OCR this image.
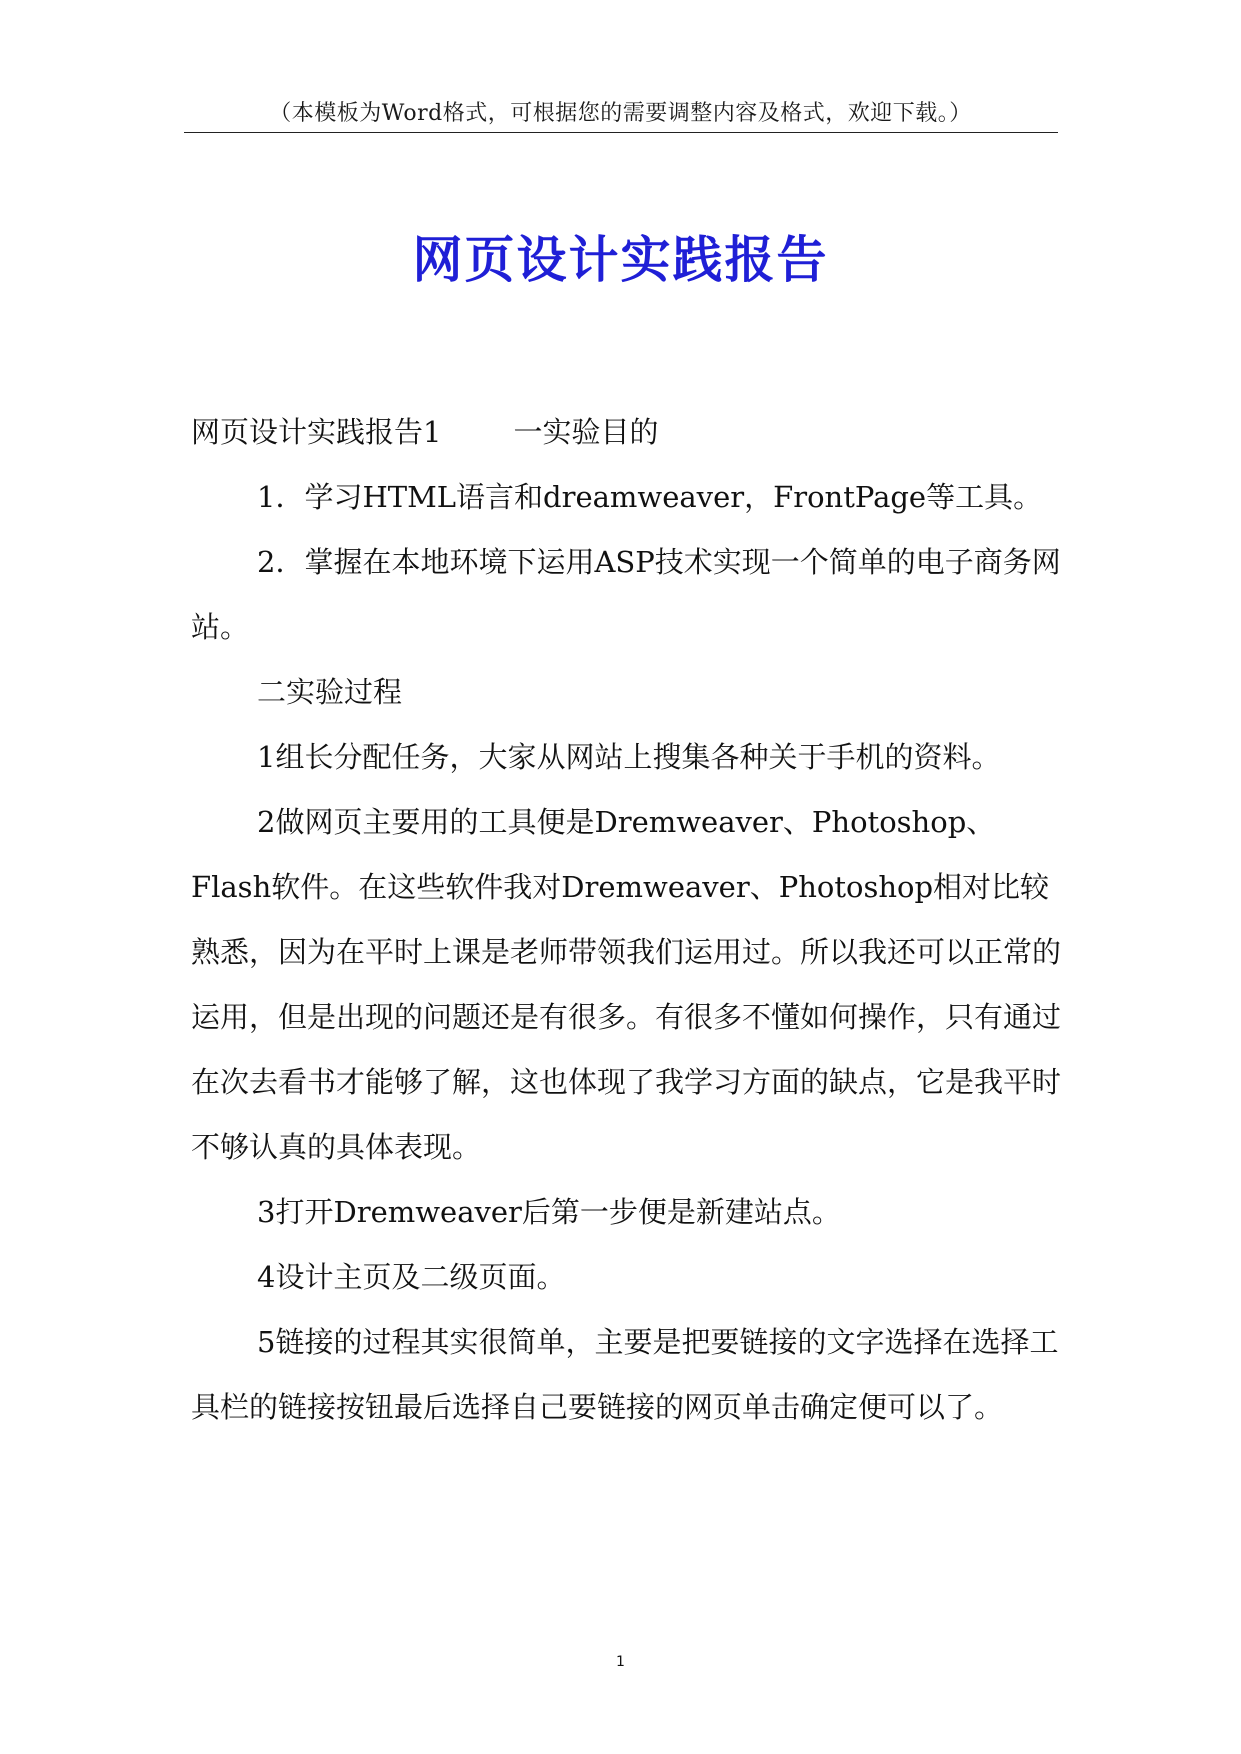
（本模板为Word格式，可根据您的需要调整内容及格式，欢迎下载。）
网页设计实践报告

网页设计实践报告1 一实验目的

1．学习HTML语言和dreamweaver，FrontPage等工具。

2．掌握在本地环境下运用ASP技术实现一个简单的电子商务网站。

二实验过程

1组长分配任务，大家从网站上搜集各种关于手机的资料。

2做网页主要用的工具便是Dremweaver、Photoshop、Flash软件。在这些软件我对Dremweaver、Photoshop相对比较熟悉，因为在平时上课是老师带领我们运用过。所以我还可以正常的运用，但是出现的问题还是有很多。有很多不懂如何操作，只有通过在次去看书才能够了解，这也体现了我学习方面的缺点，它是我平时不够认真的具体表现。

3打开Dremweaver后第一步便是新建站点。

4设计主页及二级页面。

5链接的过程其实很简单，主要是把要链接的文字选择在选择工具栏的链接按钮最后选择自己要链接的网页单击确定便可以了。

1
